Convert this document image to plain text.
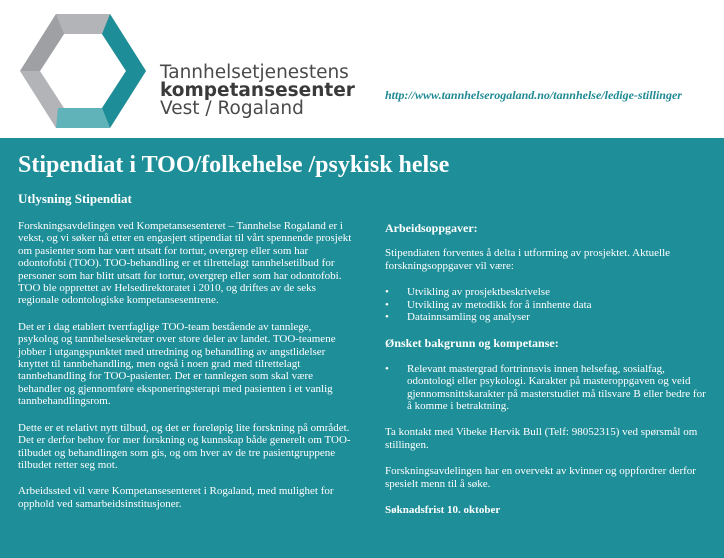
Tannhelsetjenestens
kompetansesenter
Vest / Rogaland
http://www.tannhelserogaland.no/tannhelse/ledige-stillinger
Stipendiat i TOO/folkehelse /psykisk helse
Utlysning Stipendiat

Forskningsavdelingen ved Kompetansesenteret – Tannhelse Rogaland er i vekst, og vi søker nå etter en engasjert stipendiat til vårt spennende prosjekt om pasienter som har vært utsatt for tortur, overgrep eller som har odontofobi (TOO). TOO-behandling er et tilrettelagt tannhelsetilbud for personer som har blitt utsatt for tortur, overgrep eller som har odontofobi. TOO ble opprettet av Helsedirektoratet i 2010, og driftes av de seks regionale odontologiske kompetansesentrene.

Det er i dag etablert tverrfaglige TOO-team bestående av tannlege, psykolog og tannhelsesekretær over store deler av landet. TOO-teamene jobber i utgangspunktet med utredning og behandling av angstlidelser knyttet til tannbehandling, men også i noen grad med tilrettelagt tannbehandling for TOO-pasienter. Det er tannlegen som skal være behandler og gjennomføre eksponeringsterapi med pasienten i et vanlig tannbehandlingsrom.

Dette er et relativt nytt tilbud, og det er foreløpig lite forskning på området. Det er derfor behov for mer forskning og kunnskap både generelt om TOO-tilbudet og behandlingen som gis, og om hver av de tre pasientgruppene tilbudet retter seg mot.

Arbeidssted vil være Kompetansesenteret i Rogaland, med mulighet for opphold ved samarbeidsinstitusjoner.

Arbeidsoppgaver:

Stipendiaten forventes å delta i utforming av prosjektet. Aktuelle forskningsoppgaver vil være:

• Utvikling av prosjektbeskrivelse
• Utvikling av metodikk for å innhente data
• Datainnsamling og analyser
Ønsket bakgrunn og kompetanse:
• Relevant mastergrad fortrinnsvis innen helsefag, sosialfag, odontologi eller psykologi. Karakter på masteroppgaven og veid gjennomsnittskarakter på masterstudiet må tilsvare B eller bedre for å komme i betraktning.

Ta kontakt med Vibeke Hervik Bull (Telf: 98052315) ved spørsmål om stillingen.

Forskningsavdelingen har en overvekt av kvinner og oppfordrer derfor spesielt menn til å søke.

Søknadsfrist 10. oktober
